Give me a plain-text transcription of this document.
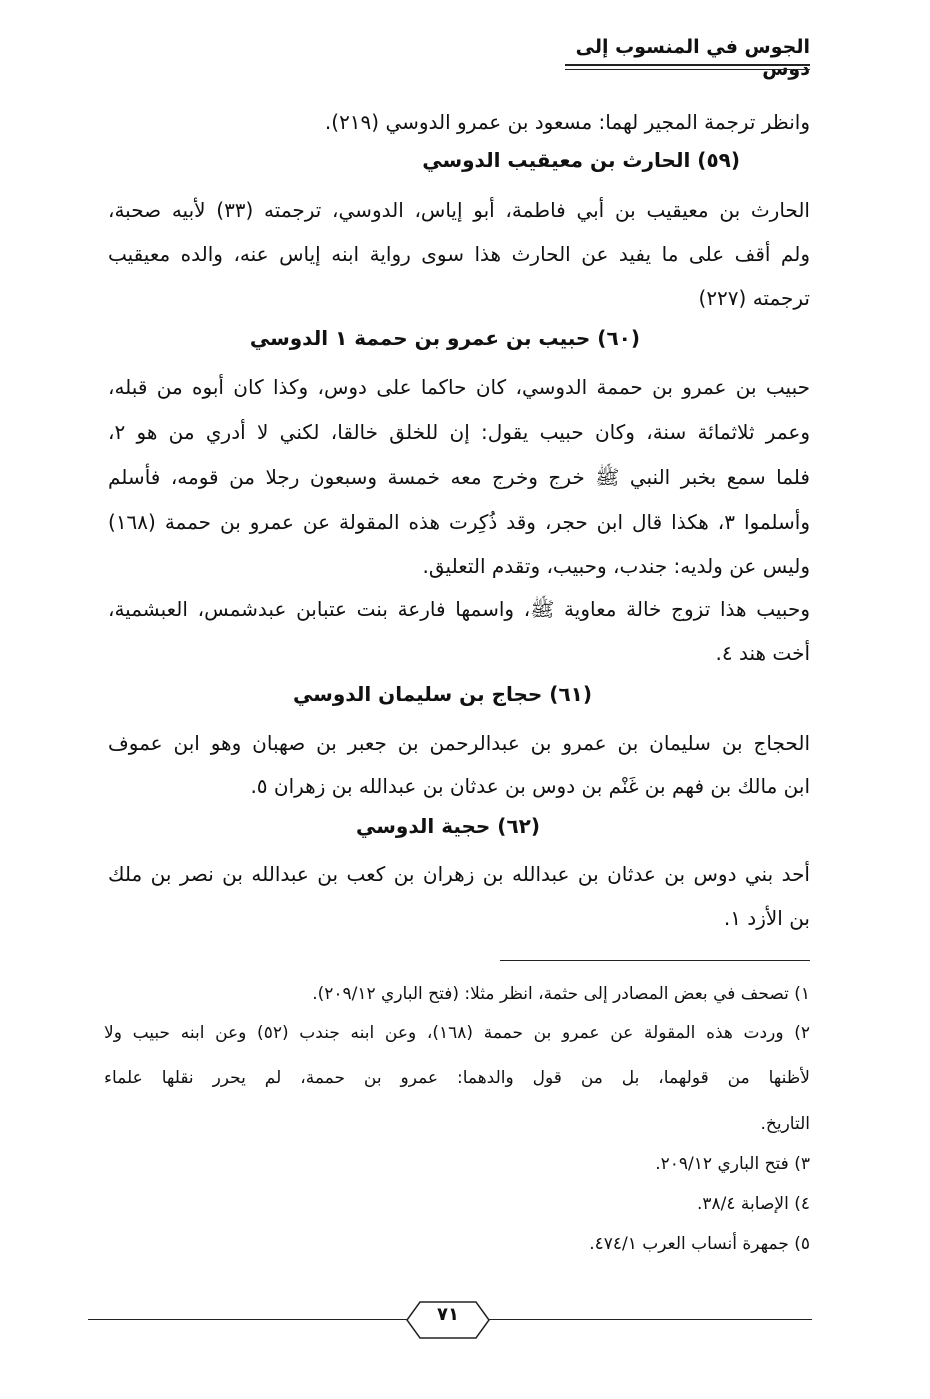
الجوس في المنسوب إلى دوس
وانظر ترجمة المجير لهما: مسعود بن عمرو الدوسي (٢١٩).
(٥٩) الحارث بن معيقيب الدوسي
الحارث بن معيقيب بن أبي فاطمة، أبو إياس، الدوسي، ترجمته (٣٣) لأبيه صحبة،
ولم أقف على ما يفيد عن الحارث هذا سوى رواية ابنه إياس عنه، والده معيقيب
ترجمته (٢٢٧)
(٦٠) حبيب بن عمرو بن حممة ١ الدوسي
حبيب بن عمرو بن حممة الدوسي، كان حاكما على دوس، وكذا كان أبوه من قبله،
وعمر ثلاثمائة سنة، وكان حبيب يقول: إن للخلق خالقا، لكني لا أدري من هو ٢،
فلما سمع بخبر النبي ﷺ خرج وخرج معه خمسة وسبعون رجلا من قومه، فأسلم
وأسلموا ٣، هكذا قال ابن حجر، وقد ذُكِرت هذه المقولة عن عمرو بن حممة (١٦٨)
وليس عن ولديه: جندب، وحبيب، وتقدم التعليق.
وحبيب هذا تزوج خالة معاوية ﷺ، واسمها فارعة بنت عتبابن عبدشمس، العبشمية،
أخت هند ٤.
(٦١) حجاج بن سليمان الدوسي
الحجاج بن سليمان بن عمرو بن عبدالرحمن بن جعبر بن صهبان وهو ابن عموف
ابن مالك بن فهم بن غَنْم بن دوس بن عدثان بن عبدالله بن زهران ٥.
(٦٢) حجية الدوسي
أحد بني دوس بن عدثان بن عبدالله بن زهران بن كعب بن عبدالله بن نصر بن ملك
بن الأزد ١.
١) تصحف في بعض المصادر إلى حثمة، انظر مثلا: (فتح الباري ٢٠٩/١٢).
٢) وردت هذه المقولة عن عمرو بن حممة (١٦٨)، وعن ابنه جندب (٥٢) وعن ابنه حبيب ولا
لأظنها من قولهما، بل من قول والدهما: عمرو بن حممة، لم يحرر نقلها علماء
التاريخ.
٣) فتح الباري ٢٠٩/١٢.
٤) الإصابة ٣٨/٤.
٥) جمهرة أنساب العرب ٤٧٤/١.
٧١
